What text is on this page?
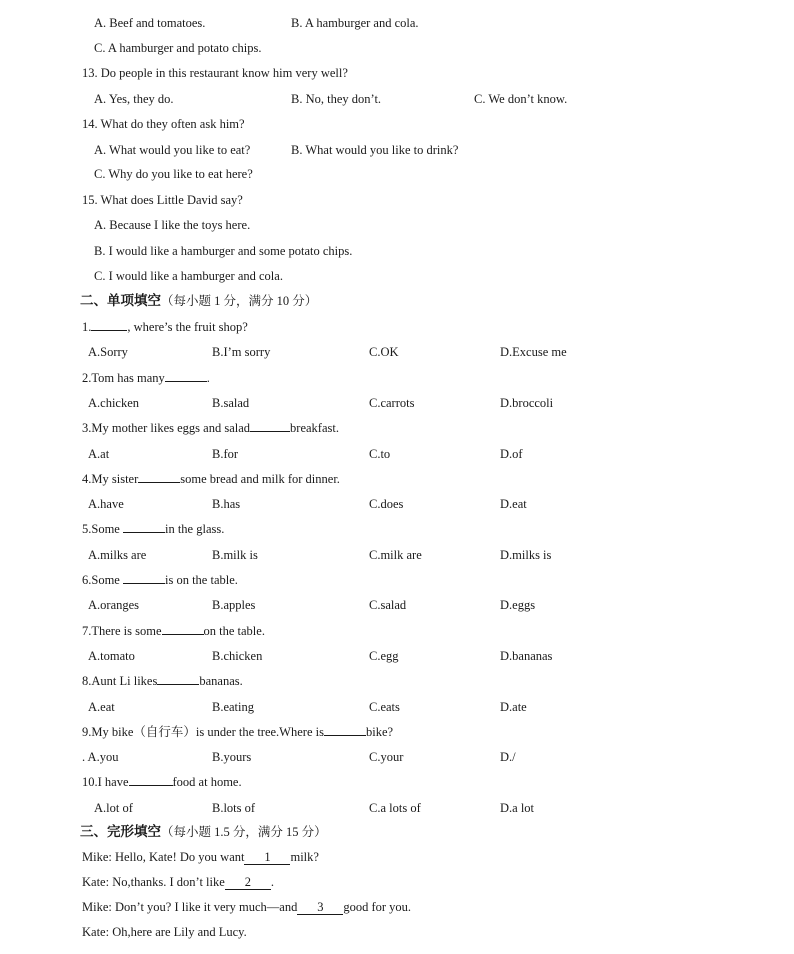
A. Beef and tomatoes.	B. A hamburger and cola.
C. A hamburger and potato chips.
13. Do people in this restaurant know him very well?
A. Yes, they do.	B. No, they don’t.	C. We don’t know.
14. What do they often ask him?
A. What would you like to eat?	B. What would you like to drink?
C. Why do you like to eat here?
15. What does Little David say?
A. Because I like the toys here.
B. I would like a hamburger and some potato chips.
C. I would like a hamburger and cola.
二、单项填空（每小题 1 分，满分 10 分）
1.	, where’s the fruit shop?
A.Sorry	B.I’m sorry	C.OK	D.Excuse me
2.Tom has many	.
A.chicken	B.salad	C.carrots	D.broccoli
3.My mother likes eggs and salad	breakfast.
A.at	B.for	C.to	D.of
4.My sister	some bread and milk for dinner.
A.have	B.has	C.does	D.eat
5.Some	in the glass.
A.milks are	B.milk is	C.milk are	D.milks is
6.Some	is on the table.
A.oranges	B.apples	C.salad	D.eggs
7.There is some	on the table.
A.tomato	B.chicken	C.egg	D.bananas
8.Aunt Li likes	bananas.
A.eat	B.eating	C.eats	D.ate
9.My bike（自行车）is under the tree.Where is	bike?
. A.you	B.yours	C.your	D./
10.I have	food at home.
A.lot of	B.lots of	C.a lots of	D.a lot
三、完形填空（每小题 1.5 分，满分 15 分）
Mike: Hello, Kate! Do you want 1 milk?
Kate: No,thanks. I don’t like 2 .
Mike: Don’t you? I like it very much—and 3 good for you.
Kate: Oh,here are Lily and Lucy.
